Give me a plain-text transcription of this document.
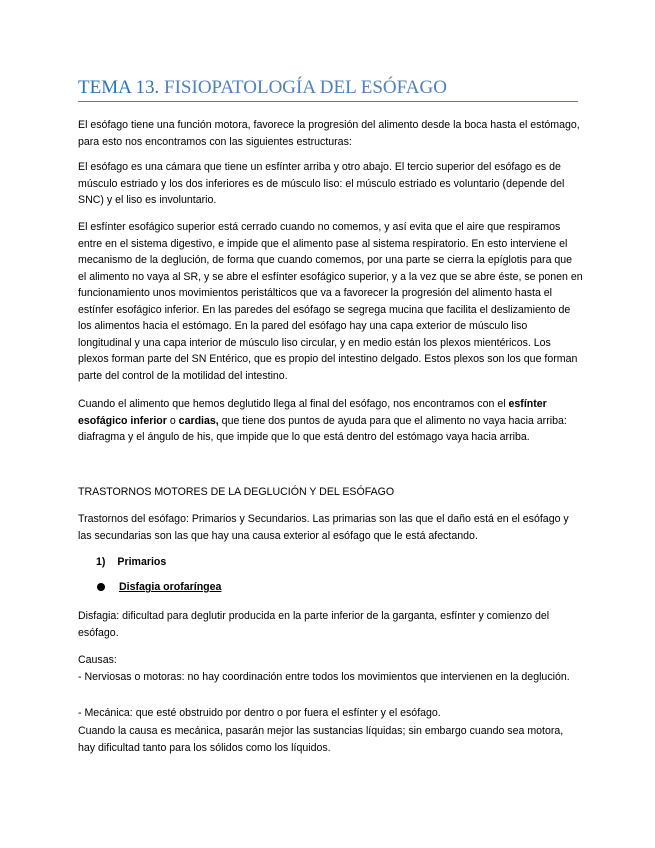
TEMA 13. FISIOPATOLOGÍA DEL ESÓFAGO

El esófago tiene una función motora, favorece la progresión del alimento desde la boca hasta el estómago, para esto nos encontramos con las siguientes estructuras:

El esófago es una cámara que tiene un esfínter arriba y otro abajo. El tercio superior del esófago es de músculo estriado y los dos inferiores es de músculo liso: el músculo estriado es voluntario (depende del SNC) y el liso es involuntario.

El esfínter esofágico superior está cerrado cuando no comemos, y así evita que el aire que respiramos entre en el sistema digestivo, e impide que el alimento pase al sistema respiratorio. En esto interviene el mecanismo de la deglución, de forma que cuando comemos, por una parte se cierra la epíglotis para que el alimento no vaya al SR, y se abre el esfínter esofágico superior, y a la vez que se abre éste, se ponen en funcionamiento unos movimientos peristálticos que va a favorecer la progresión del alimento hasta el estínfer esofágico inferior. En las paredes del esófago se segrega mucina que facilita el deslizamiento de los alimentos hacia el estómago. En la pared del esófago hay una capa exterior de músculo liso longitudinal y una capa interior de músculo liso circular, y en medio están los plexos mientéricos. Los plexos forman parte del SN Entérico, que es propio del intestino delgado. Estos plexos son los que forman parte del control de la motilidad del intestino.

Cuando el alimento que hemos deglutido llega al final del esófago, nos encontramos con el esfínter esofágico inferior o cardias, que tiene dos puntos de ayuda para que el alimento no vaya hacia arriba: diafragma y el ángulo de his, que impide que lo que está dentro del estómago vaya hacia arriba.

TRASTORNOS MOTORES DE LA DEGLUCIÓN Y DEL ESÓFAGO

Trastornos del esófago: Primarios y Secundarios. Las primarias son las que el daño está en el esófago y las secundarias son las que hay una causa exterior al esófago que le está afectando.

1) Primarios
Disfagia orofaríngea

Disfagia: dificultad para deglutir producida en la parte inferior de la garganta, esfínter y comienzo del esófago.

Causas:

- Nerviosas o motoras: no hay coordinación entre todos los movimientos que intervienen en la deglución.

- Mecánica: que esté obstruido por dentro o por fuera el esfínter y el esófago.

Cuando la causa es mecánica, pasarán mejor las sustancias líquidas; sin embargo cuando sea motora, hay dificultad tanto para los sólidos como los líquidos.
